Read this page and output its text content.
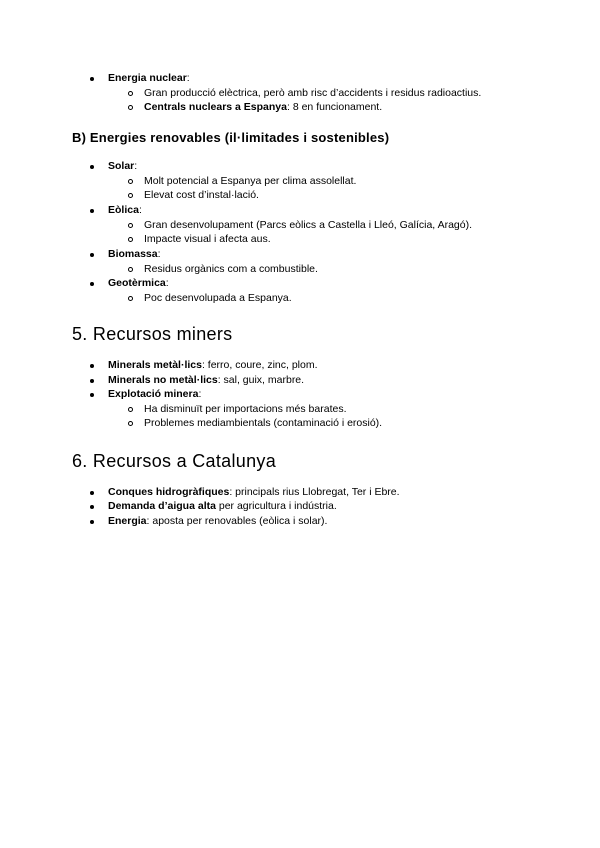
Energia nuclear:
Gran producció elèctrica, però amb risc d’accidents i residus radioactius.
Centrals nuclears a Espanya: 8 en funcionament.
B) Energies renovables (il·limitades i sostenibles)
Solar:
Molt potencial a Espanya per clima assolellat.
Elevat cost d’instal·lació.
Eòlica:
Gran desenvolupament (Parcs eòlics a Castella i Lleó, Galícia, Aragó).
Impacte visual i afecta aus.
Biomassa:
Residus orgànics com a combustible.
Geotèrmica:
Poc desenvolupada a Espanya.
5. Recursos miners
Minerals metàl·lics: ferro, coure, zinc, plom.
Minerals no metàl·lics: sal, guix, marbre.
Explotació minera:
Ha disminuït per importacions més barates.
Problemes mediambientals (contaminació i erosió).
6. Recursos a Catalunya
Conques hidrogràfiques: principals rius Llobregat, Ter i Ebre.
Demanda d’aigua alta per agricultura i indústria.
Energia: aposta per renovables (eòlica i solar).
